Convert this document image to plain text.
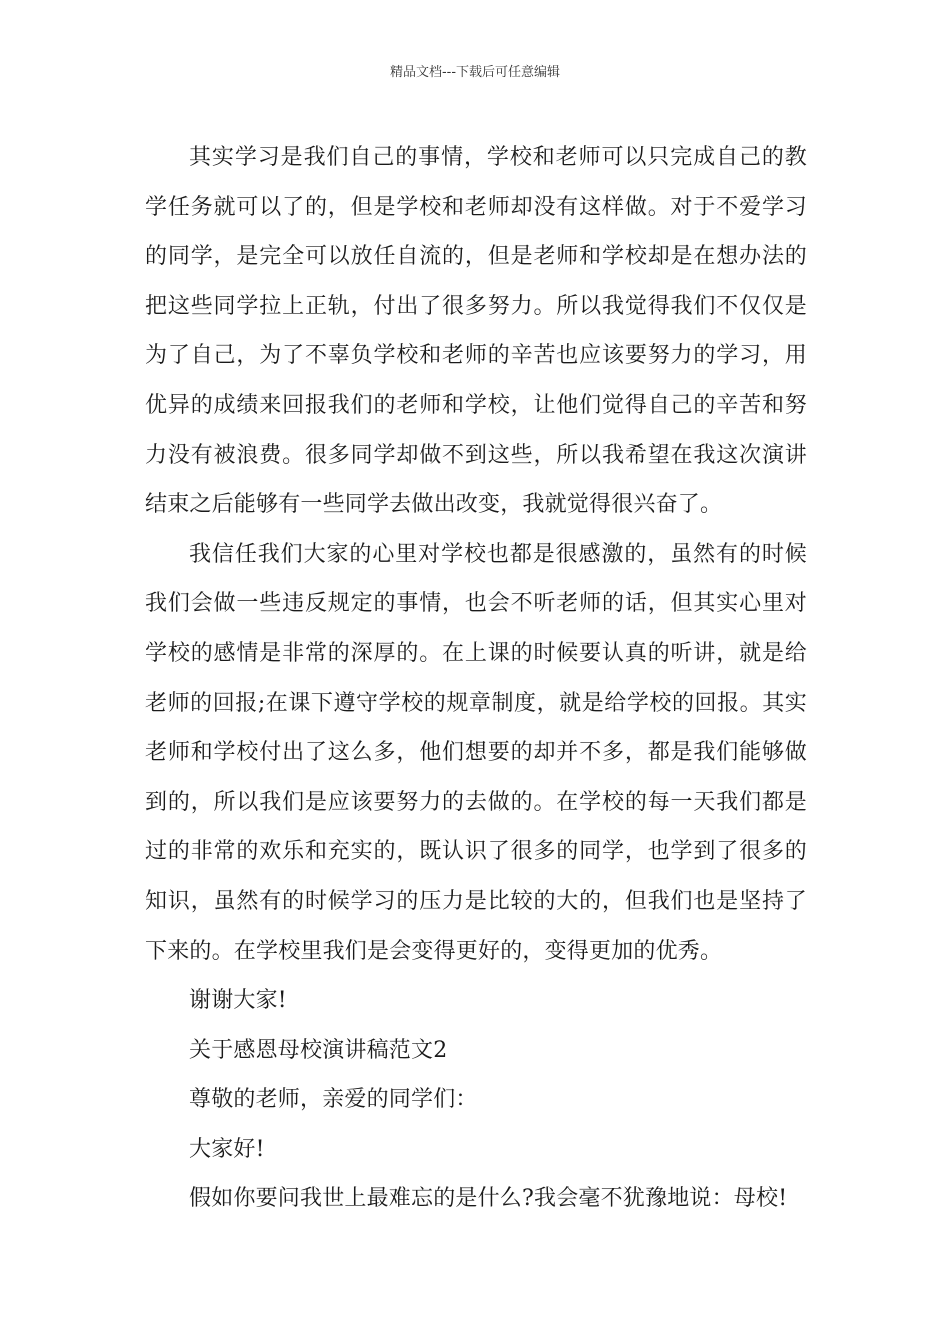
精品文档---下载后可任意编辑

其实学习是我们自己的事情，学校和老师可以只完成自己的教学任务就可以了的，但是学校和老师却没有这样做。对于不爱学习的同学，是完全可以放任自流的，但是老师和学校却是在想办法的把这些同学拉上正轨，付出了很多努力。所以我觉得我们不仅仅是为了自己，为了不辜负学校和老师的辛苦也应该要努力的学习，用优异的成绩来回报我们的老师和学校，让他们觉得自己的辛苦和努力没有被浪费。很多同学却做不到这些，所以我希望在我这次演讲结束之后能够有一些同学去做出改变，我就觉得很兴奋了。

我信任我们大家的心里对学校也都是很感激的，虽然有的时候我们会做一些违反规定的事情，也会不听老师的话，但其实心里对学校的感情是非常的深厚的。在上课的时候要认真的听讲，就是给老师的回报;在课下遵守学校的规章制度，就是给学校的回报。其实老师和学校付出了这么多，他们想要的却并不多，都是我们能够做到的，所以我们是应该要努力的去做的。在学校的每一天我们都是过的非常的欢乐和充实的，既认识了很多的同学，也学到了很多的知识，虽然有的时候学习的压力是比较的大的，但我们也是坚持了下来的。在学校里我们是会变得更好的，变得更加的优秀。

谢谢大家!

关于感恩母校演讲稿范文2

尊敬的老师，亲爱的同学们：

大家好!

假如你要问我世上最难忘的是什么?我会毫不犹豫地说：母校!
